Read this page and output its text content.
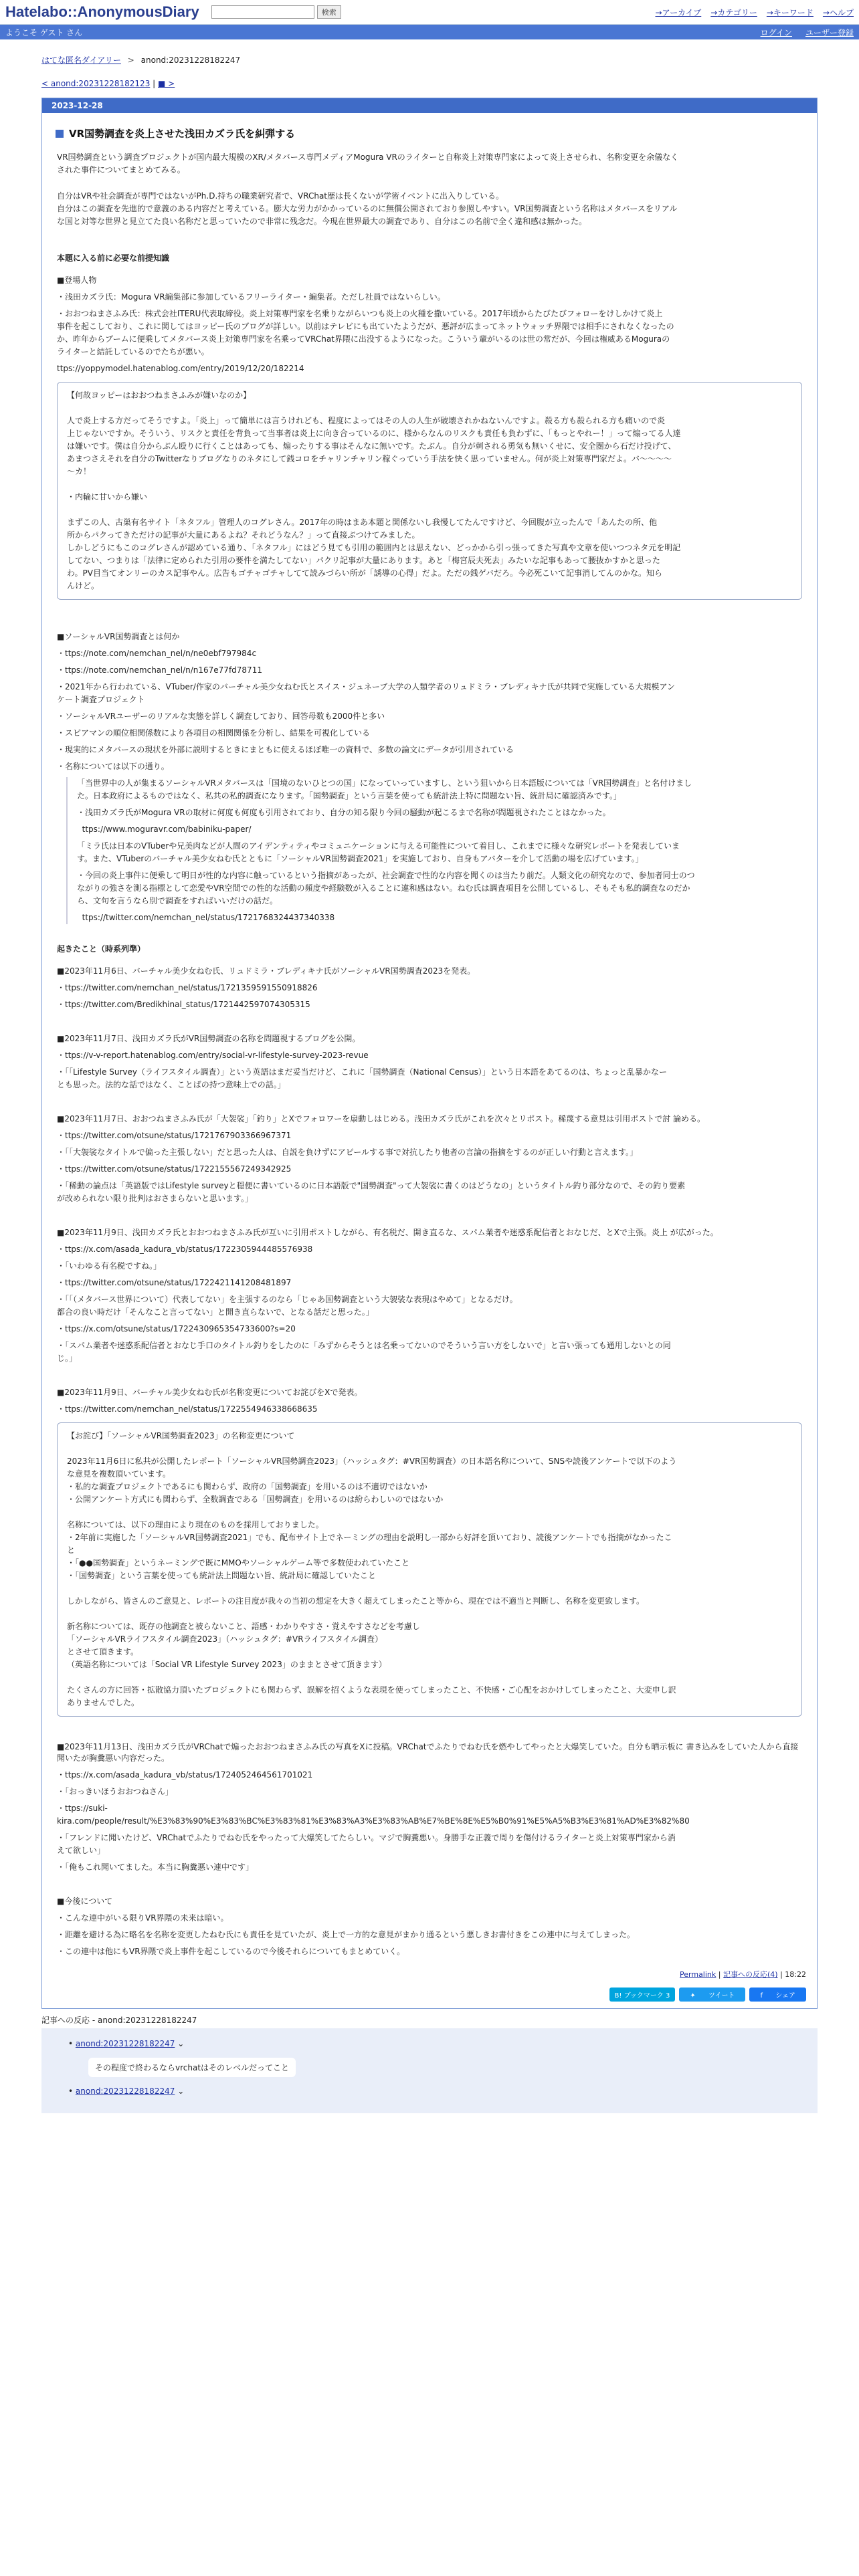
Hatelabo::AnonymousDiary	検索	→アーカイブ →カテゴリー →キーワード →ヘルプ
ようこそ ゲスト さん	ログイン ユーザー登録
はてな匿名ダイアリー > anond:20231228182247
< anond:20231228182123 | ■ >
2023-12-28
VR国勢調査を炎上させた浅田カズラ氏を糾弾する
VR国勢調査という調査プロジェクトが国内最大規模のXR/メタバース専門メディアMogura VRのライターと自称炎上対策専門家によって炎上させられ、名称変更を余儀なく
された事件についてまとめてみる。
自分はVRや社会調査が専門ではないがPh.D.持ちの職業研究者で、VRChat歴は長くないが学術イベントに出入りしている。
自分はこの調査を先進的で意義のある内容だと考えている。膨大な労力がかかっているのに無償公開されており参照しやすい。VR国勢調査という名称はメタバースをリアル
な国と対等な世界と見立てた良い名称だと思っていたので非常に残念だ。今現在世界最大の調査であり、自分はこの名前で全く違和感は無かった。
本題に入る前に必要な前提知識
■登場人物
・浅田カズラ氏：Mogura VR編集部に参加しているフリーライター・編集者。ただし社員ではないらしい。
・おおつねまさふみ氏：株式会社ITERU代表取締役。炎上対策専門家を名乗りながらいつも炎上の火種を撒いている。2017年頃からたびたびフォローをけしかけて炎上
事件を起こしており、これに関してはヨッピー氏のブログが詳しい。以前はテレビにも出ていたようだが、悪評が広まってネットウォッチ界隈では相手にされなくなったの
か、昨年からブームに便乗してメタバース炎上対策専門家を名乗ってVRChat界隈に出没するようになった。こういう輩がいるのは世の常だが、今回は権威あるMoguraの
ライターと結託しているのでたちが悪い。
ttps://yoppymodel.hatenablog.com/entry/2019/12/20/182214
【何故ヨッピーはおおつねまさふみが嫌いなのか】

人で炎上する方だってそうですよ。「炎上」って簡単には言うけれども、程度によってはその人の人生が破壊されかねないんですよ。殺る方も殺られる方も痛いので炎
上じゃないですか。そういう、リスクと責任を背負って当事者は炎上に向き合っているのに、様からなんのリスクも責任も負わずに、「もっとやれー！」って煽ってる人達
は嫌いです。僕は自分からぶん殴りに行くことはあっても、煽ったりする事はそんなに無いです。たぶん。自分が刺される勇気も無いくせに、安全圏から石だけ投げて、
あまつさえそれを自分のTwitterなりブログなりのネタにして銭コロをチャリンチャリン稼ぐっていう手法を快く思っていません。何が炎上対策専門家だよ。バ〜〜〜〜
〜カ！

・内輪に甘いから嫌い

まずこの人、古巣有名サイト「ネタフル」管理人のコグレさん。2017年の時はまあ本題と関係ないし我慢してたんですけど、今回腹が立ったんで「あんたの所、他
所からパクってきただけの記事が大量にあるよね？それどうなん？」って直接ぶつけてみました。
しかしどうにもこのコグレさんが認めている通り、「ネタフル」にはどう見ても引用の範囲内とは思えない、どっかから引っ張ってきた写真や文章を使いつつネタ元を明記
してない、つまりは「法律に定められた引用の要件を満たしてない」パクリ記事が大量にあります。あと「梅宮辰夫死去」みたいな記事もあって腰抜かすかと思った
わ。PV目当てオンリーのカス記事やん。広告もゴチャゴチャしてて読みづらい所が「誘導の心得」だよ。ただの銭ゲバだろ。今必死こいて記事消してんのかな。知ら
んけど。
■ソーシャルVR国勢調査とは何か
・ttps://note.com/nemchan_nel/n/ne0ebf797984c
・ttps://note.com/nemchan_nel/n/n167e77fd78711
・2021年から行われている、VTuber/作家のバーチャル美少女ねむ氏とスイス・ジュネーブ大学の人類学者のリュドミラ・ブレディキナ氏が共同で実施している大規模アン
ケート調査プロジェクト
・ソーシャルVRユーザーのリアルな実態を詳しく調査しており、回答母数も2000件と多い
・スピアマンの順位相関係数により各項目の相関関係を分析し、結果を可視化している
・現実的にメタバースの現状を外部に説明するときにまともに使えるほぼ唯一の資料で、多数の論文にデータが引用されている
・名称については以下の通り。
「当世界中の人が集まるソーシャルVRメタバースは「国境のないひとつの国」になっていっていますし、という狙いから日本語版については「VR国勢調査」と名付けまし
た。日本政府によるものではなく、私共の私的調査になります。「国勢調査」という言葉を使っても統計法上特に問題ない旨、統計局に確認済みです。」
・浅田カズラ氏がMogura VRの取材に何度も何度も引用されており、自分の知る限り今回の騒動が起こるまで名称が問題視されたことはなかった。
ttps://www.moguravr.com/babiniku-paper/
「ミラ氏は日本のVTuberや兄美肉などが人間のアイデンティティやコミュニケーションに与える可能性について着目し、これまでに様々な研究レポートを発表していま
す。また、VTuberのバーチャル美少女ねむ氏とともに「ソーシャルVR国勢調査2021」を実施しており、自身もアバターを介して活動の場を広げています。」
・今回の炎上事件に便乗して明日が性的な内容に触っているという指摘があったが、社会調査で性的な内容を聞くのは当たり前だ。人類文化の研究なので、参加者同士のつ
ながりの強さを測る指標として恋愛やVR空間での性的な活動の頻度や経験数が入ることに違和感はない。ねむ氏は調査項目を公開しているし、そもそも私的調査なのだか
ら、文句を言うなら別で調査をすればいいだけの話だ。
ttps://twitter.com/nemchan_nel/status/1721768324437340338
起きたこと（時系列準）
■2023年11月6日、バーチャル美少女ねむ氏、リュドミラ・ブレディキナ氏がソーシャルVR国勢調査2023を発表。
・ttps://twitter.com/nemchan_nel/status/1721359591550918826
・ttps://twitter.com/Bredikhinal_status/1721442597074305315
■2023年11月7日、浅田カズラ氏がVR国勢調査の名称を問題視するブログを公開。
・ttps://v-v-report.hatenablog.com/entry/social-vr-lifestyle-survey-2023-revue
・「「Lifestyle Survey（ライフスタイル調査）」という英語はまだ妥当だけど、これに「国勢調査（National Census）」という日本語をあてるのは、ちょっと乱暴かなー
とも思った。法的な話ではなく、ことばの持つ意味上での話。」
■2023年11月7日、おおつねまさふみ氏が「大袈裟」「釣り」とXでフォロワーを扇動しはじめる。浅田カズラ氏がこれを次々とリポスト。稀蔑する意見は引用ポストで討 論める。
・ttps://twitter.com/otsune/status/1721767903366967371
・「「大袈裟なタイトルで偏った主張しない」だと思った人は、自説を負けずにアピールする事で対抗したり他者の言論の指摘をするのが正しい行動と言えます。」
・ttps://twitter.com/otsune/status/1722155567249342925
・「稀動の論点は「英語版ではLifestyle surveyと穏便に書いているのに日本語版で"国勢調査"って大袈裟に書くのはどうなの」というタイトル釣り部分なので、その釣り要素
が改められない限り批判はおさまらないと思います。」
■2023年11月9日、浅田カズラ氏とおおつねまさふみ氏が互いに引用ポストしながら、有名税だ、開き直るな、スパム業者や迷惑系配信者とおなじだ、とXで主張。炎上 が広がった。
・ttps://x.com/asada_kadura_vb/status/1722305944485576938
・「いわゆる有名税ですね。」
・ttps://twitter.com/otsune/status/1722421141208481897
・「「（メタバース世界について）代表してない」を主張するのなら「じゃあ国勢調査という大袈裟な表現はやめて」となるだけ。
都合の良い時だけ「そんなこと言ってない」と開き直らないで、となる話だと思った。」
・ttps://x.com/otsune/status/1722430965354733600?s=20
・「スパム業者や迷惑系配信者とおなじ手口のタイトル釣りをしたのに「みずからそうとは名乗ってないのでそういう言い方をしないで」と言い張っても通用しないとの同
じ。」
■2023年11月9日、バーチャル美少女ねむ氏が名称変更についてお詫びをXで発表。
・ttps://twitter.com/nemchan_nel/status/1722554946338668635
【お詫び】「ソーシャルVR国勢調査2023」の名称変更について

2023年11月6日に私共が公開したレポート「ソーシャルVR国勢調査2023」（ハッシュタグ：#VR国勢調査）の日本語名称について、SNSや読後アンケートで以下のよう
な意見を複数頂いています。
・私的な調査プロジェクトであるにも関わらず、政府の「国勢調査」を用いるのは不適切ではないか
・公開アンケート方式にも関わらず、全数調査である「国勢調査」を用いるのは紛らわしいのではないか

名称については、以下の理由により現在のものを採用しておりました。
・2年前に実施した「ソーシャルVR国勢調査2021」でも、配布サイト上でネーミングの理由を説明し一部から好評を頂いており、読後アンケートでも指摘がなかったこ
と
・「●●国勢調査」というネーミングで既にMMOやソーシャルゲーム等で多数使われていたこと
・「国勢調査」という言葉を使っても統計法上問題ない旨、統計局に確認していたこと

しかしながら、皆さんのご意見と、レポートの注目度が我々の当初の想定を大きく超えてしまったこと等から、現在では不適当と判断し、名称を変更致します。

新名称については、既存の他調査と被らないこと、語感・わかりやすさ・覚えやすさなどを考慮し
「ソーシャルVRライフスタイル調査2023」（ハッシュタグ：#VRライフスタイル調査）
とさせて頂きます。
（英語名称については「Social VR Lifestyle Survey 2023」のままとさせて頂きます）

たくさんの方に回答・拡散協力頂いたプロジェクトにも関わらず、誤解を招くような表現を使ってしまったこと、不快感・ご心配をおかけしてしまったこと、大変申し訳
ありませんでした。
■2023年11月13日、浅田カズラ氏がVRChatで煽ったおおつねまさふみ氏の写真をXに投稿。VRChatでふたりでねむ氏を燃やしてやったと大爆笑していた。自分も晒示板に 書き込みをしていた人から直接聞いたが胸糞悪い内容だった。
・ttps://x.com/asada_kadura_vb/status/1724052464561701021
・「おっきいほうおおつねさん」
・ttps://suki-
kira.com/people/result/%E3%83%90%E3%83%BC%E3%83%81%E3%83%A3%E3%83%AB%E7%BE%8E%E5%B0%91%E5%A5%B3%E3%81%AD%E3%82%80
・「フレンドに聞いたけど、VRChatでふたりでねむ氏をやったって大爆笑してたらしい。マジで胸糞悪い。身勝手な正義で周りを傷付けるライターと炎上対策専門家から消
えて欲しい」
・「俺もこれ聞いてました。本当に胸糞悪い連中です」
■今後について
・こんな連中がいる限りVR界隈の未来は暗い。
・距離を避ける為に略名を名称を変更したねむ氏にも責任を見ていたが、炎上で一方的な意見がまかり通るという悪しきお書付きをこの連中に与えてしまった。
・この連中は他にもVR界隈で炎上事件を起こしているので今後それらについてもまとめていく。
Permalink | 記事への反応(4) | 18:22
B! ブックマーク 3	✦ ツイート	f シェア
記事への反応 - anond:20231228182247
• anond:20231228182247 ⌄
その程度で終わるならvrchatはそのレベルだってこと
• anond:20231228182247 ⌄
